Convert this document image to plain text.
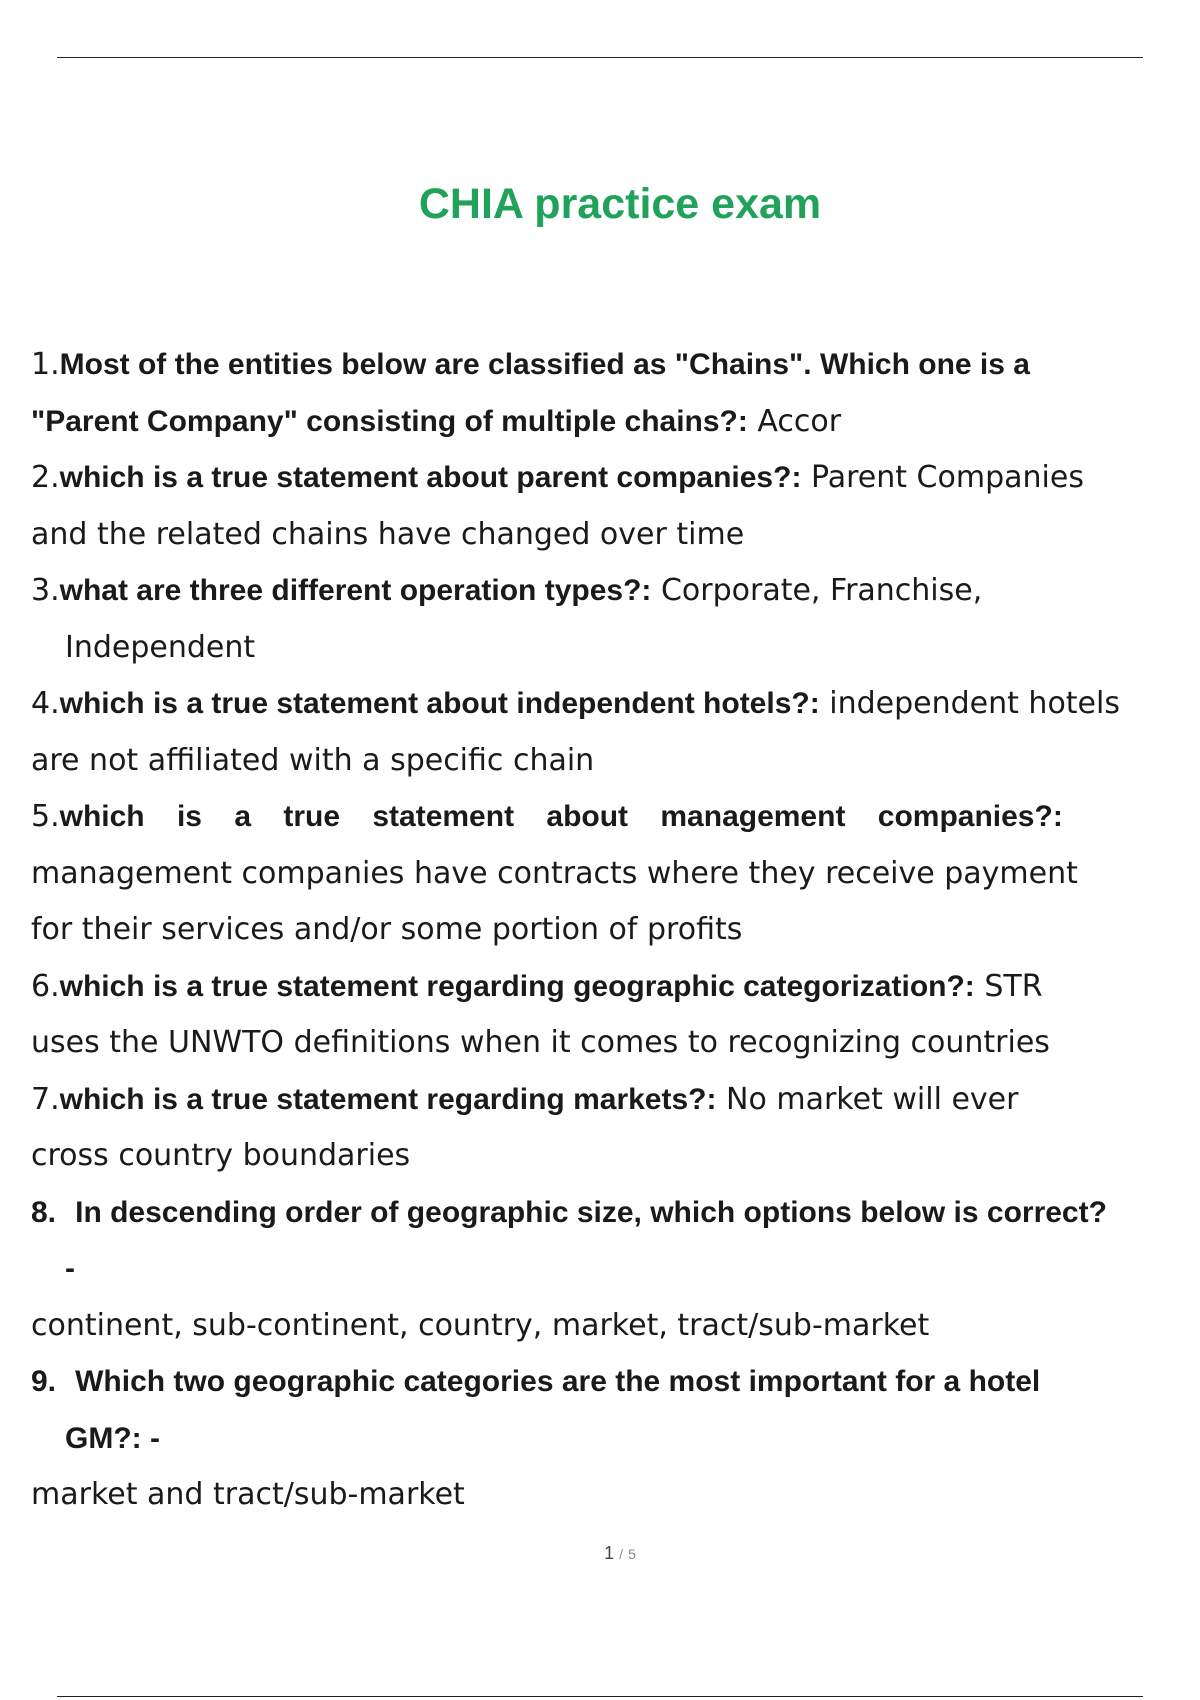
CHIA practice exam
1.Most of the entities below are classified as "Chains". Which one is a
"Parent Company" consisting of multiple chains?: Accor
2.which is a true statement about parent companies?: Parent Companies
and the related chains have changed over time
3.what are three different operation types?: Corporate, Franchise,
Independent
4.which is a true statement about independent hotels?: independent hotels
are not affiliated with a specific chain
5.which is a true statement about management companies?:
management companies have contracts where they receive payment
for their services and/or some portion of profits
6.which is a true statement regarding geographic categorization?: STR
uses the UNWTO definitions when it comes to recognizing countries
7.which is a true statement regarding markets?: No market will ever
cross country boundaries
8. In descending order of geographic size, which options below is correct?
-
continent, sub-continent, country, market, tract/sub-market
9. Which two geographic categories are the most important for a hotel
GM?: -
market and tract/sub-market
1 / 5
